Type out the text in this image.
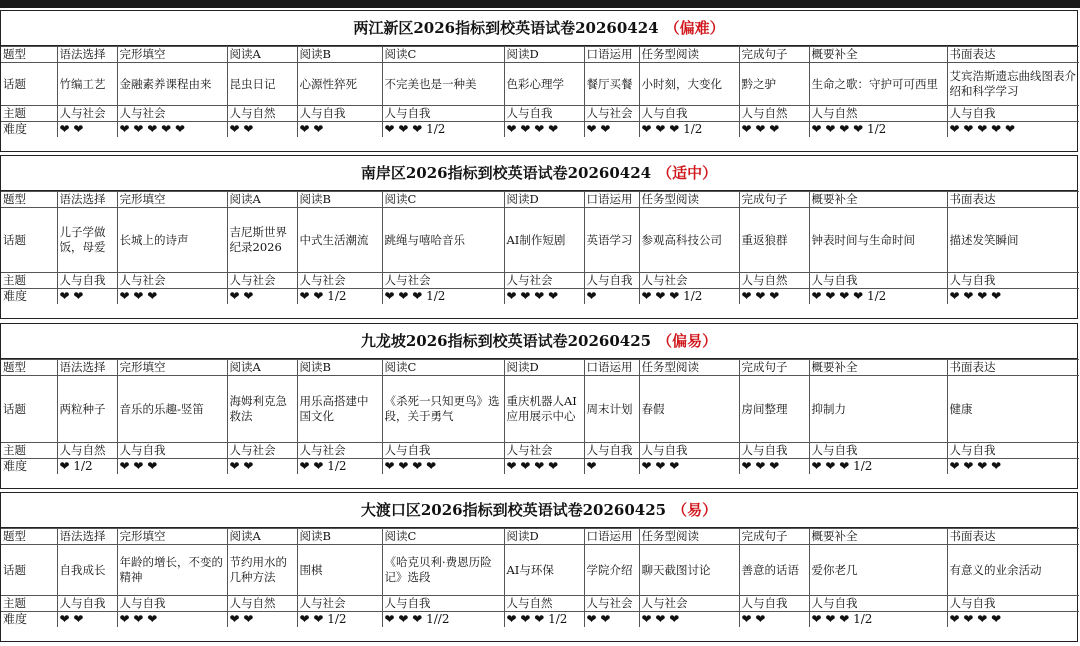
两江新区2026指标到校英语试卷20260424 （偏难）
题型	语法选择	完形填空	阅读A	阅读B	阅读C	阅读D	口语运用	任务型阅读	完成句子	概要补全	书面表达
话题	竹编工艺	金融素养课程由来	昆虫日记	心源性猝死	不完美也是一种美	色彩心理学	餐厅买餐	小时刻，大变化	黔之驴	生命之歌：守护可可西里	艾宾浩斯遗忘曲线图表介绍和科学学习
主题	人与社会	人与社会	人与自然	人与自我	人与自我	人与自我	人与社会	人与自我	人与自然	人与自然	人与自我
难度	❤ ❤	❤ ❤ ❤ ❤ ❤	❤ ❤	❤ ❤	❤ ❤ ❤ 1/2	❤ ❤ ❤ ❤	❤ ❤	❤ ❤ ❤ 1/2	❤ ❤ ❤	❤ ❤ ❤ ❤ 1/2	❤ ❤ ❤ ❤ ❤
南岸区2026指标到校英语试卷20260424 （适中）
题型	语法选择	完形填空	阅读A	阅读B	阅读C	阅读D	口语运用	任务型阅读	完成句子	概要补全	书面表达
话题	儿子学做饭，母爱	长城上的诗声	吉尼斯世界纪录2026	中式生活潮流	跳绳与嘻哈音乐	AI制作短剧	英语学习	参观高科技公司	重返狼群	钟表时间与生命时间	描述发笑瞬间
主题	人与自我	人与社会	人与社会	人与社会	人与社会	人与社会	人与自我	人与社会	人与自然	人与自我	人与自我
难度	❤ ❤	❤ ❤ ❤	❤ ❤	❤ ❤ 1/2	❤ ❤ ❤ 1/2	❤ ❤ ❤ ❤	❤	❤ ❤ ❤ 1/2	❤ ❤ ❤	❤ ❤ ❤ ❤ 1/2	❤ ❤ ❤ ❤
九龙坡2026指标到校英语试卷20260425 （偏易）
题型	语法选择	完形填空	阅读A	阅读B	阅读C	阅读D	口语运用	任务型阅读	完成句子	概要补全	书面表达
话题	两粒种子	音乐的乐趣-竖笛	海姆利克急救法	用乐高搭建中国文化	《杀死一只知更鸟》选段，关于勇气	重庆机器人AI应用展示中心	周末计划	春假	房间整理	抑制力	健康
主题	人与自然	人与自我	人与社会	人与社会	人与自我	人与社会	人与自我	人与自我	人与自我	人与自我	人与自我
难度	❤ 1/2	❤ ❤ ❤	❤ ❤	❤ ❤ 1/2	❤ ❤ ❤ ❤	❤ ❤ ❤ ❤	❤	❤ ❤ ❤	❤ ❤ ❤	❤ ❤ ❤ 1/2	❤ ❤ ❤ ❤
大渡口区2026指标到校英语试卷20260425 （易）
题型	语法选择	完形填空	阅读A	阅读B	阅读C	阅读D	口语运用	任务型阅读	完成句子	概要补全	书面表达
话题	自我成长	年龄的增长，不变的精神	节约用水的几种方法	围棋	《哈克贝利·费恩历险记》选段	AI与环保	学院介绍	聊天截图讨论	善意的话语	爱你老几	有意义的业余活动
主题	人与自我	人与自我	人与自然	人与社会	人与自我	人与自然	人与社会	人与社会	人与自我	人与自我	人与自我
难度	❤ ❤	❤ ❤ ❤	❤ ❤	❤ ❤ 1/2	❤ ❤ ❤ 1//2	❤ ❤ ❤ 1/2	❤ ❤	❤ ❤ ❤	❤ ❤	❤ ❤ ❤ 1/2	❤ ❤ ❤ ❤
